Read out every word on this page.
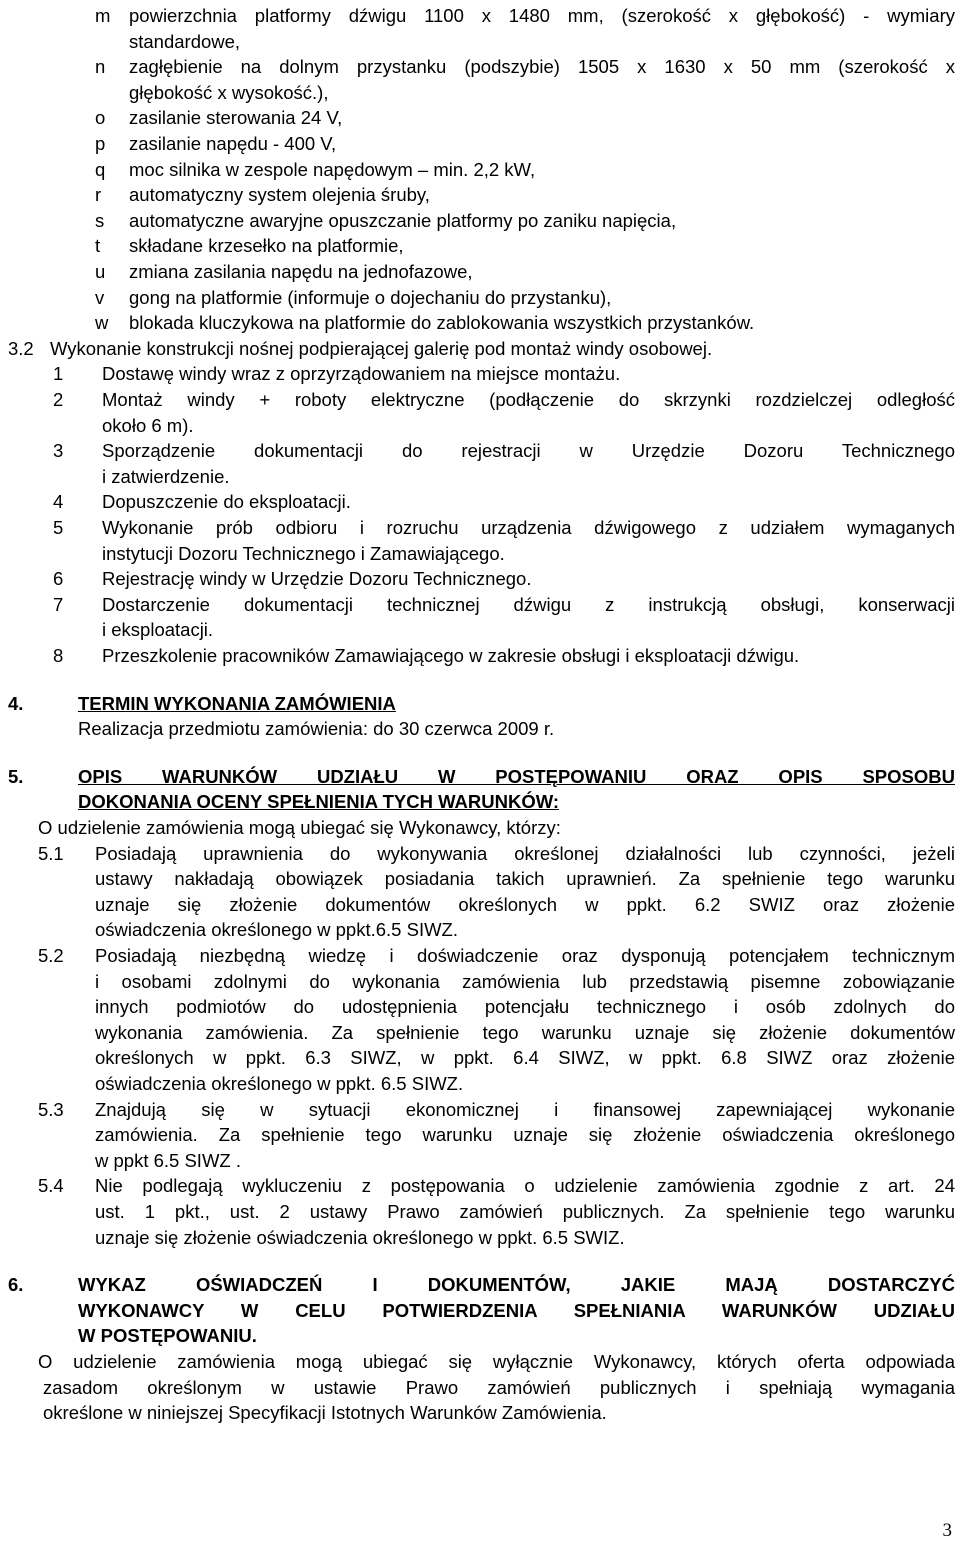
m powierzchnia platformy dźwigu 1100 x 1480 mm, (szerokość x głębokość) - wymiary
standardowe,
n zagłębienie na dolnym przystanku (podszybie) 1505 x 1630 x 50 mm (szerokość x
głębokość x wysokość.),
o zasilanie sterowania 24 V,
p zasilanie napędu - 400 V,
q moc silnika w zespole napędowym – min. 2,2 kW,
r automatyczny system olejenia śruby,
s automatyczne awaryjne opuszczanie platformy po zaniku napięcia,
t składane krzesełko na platformie,
u zmiana zasilania napędu na jednofazowe,
v gong na platformie (informuje o dojechaniu do przystanku),
w blokada kluczykowa na platformie do zablokowania wszystkich przystanków.
3.2 Wykonanie konstrukcji nośnej podpierającej galerię pod montaż windy osobowej.
1 Dostawę windy wraz z oprzyrządowaniem na miejsce montażu.
2 Montaż windy + roboty elektryczne (podłączenie do skrzynki rozdzielczej odległość
około 6 m).
3 Sporządzenie dokumentacji do rejestracji w Urzędzie Dozoru Technicznego
i zatwierdzenie.
4 Dopuszczenie do eksploatacji.
5 Wykonanie prób odbioru i rozruchu urządzenia dźwigowego z udziałem wymaganych
instytucji Dozoru Technicznego i Zamawiającego.
6 Rejestrację windy w Urzędzie Dozoru Technicznego.
7 Dostarczenie dokumentacji technicznej dźwigu z instrukcją obsługi, konserwacji
i eksploatacji.
8 Przeszkolenie pracowników Zamawiającego w zakresie obsługi i eksploatacji dźwigu.
4.	TERMIN WYKONANIA ZAMÓWIENIA
Realizacja przedmiotu zamówienia: do 30 czerwca 2009 r.
5.	OPIS WARUNKÓW UDZIAŁU W POSTĘPOWANIU ORAZ OPIS SPOSOBU
DOKONANIA OCENY SPEŁNIENIA TYCH WARUNKÓW:
O udzielenie zamówienia mogą ubiegać się Wykonawcy, którzy:
5.1 Posiadają uprawnienia do wykonywania określonej działalności lub czynności, jeżeli
ustawy nakładają obowiązek posiadania takich uprawnień. Za spełnienie tego warunku
uznaje się złożenie dokumentów określonych w ppkt. 6.2 SWIZ oraz złożenie
oświadczenia określonego w ppkt.6.5 SIWZ.
5.2 Posiadają niezbędną wiedzę i doświadczenie oraz dysponują potencjałem technicznym
i osobami zdolnymi do wykonania zamówienia lub przedstawią pisemne zobowiązanie
innych podmiotów do udostępnienia potencjału technicznego i osób zdolnych do
wykonania zamówienia. Za spełnienie tego warunku uznaje się złożenie dokumentów
określonych w ppkt. 6.3 SIWZ, w ppkt. 6.4 SIWZ, w ppkt. 6.8 SIWZ oraz złożenie
oświadczenia określonego w ppkt. 6.5 SIWZ.
5.3 Znajdują się w sytuacji ekonomicznej i finansowej zapewniającej wykonanie
zamówienia. Za spełnienie tego warunku uznaje się złożenie oświadczenia określonego
w ppkt 6.5 SIWZ .
5.4 Nie podlegają wykluczeniu z postępowania o udzielenie zamówienia zgodnie z art. 24
ust. 1 pkt., ust. 2 ustawy Prawo zamówień publicznych. Za spełnienie tego warunku
uznaje się złożenie oświadczenia określonego w ppkt. 6.5 SWIZ.
6.	WYKAZ OŚWIADCZEŃ I DOKUMENTÓW, JAKIE MAJĄ DOSTARCZYĆ
WYKONAWCY W CELU POTWIERDZENIA SPEŁNIANIA WARUNKÓW UDZIAŁU
W POSTĘPOWANIU.
O udzielenie zamówienia mogą ubiegać się wyłącznie Wykonawcy, których oferta odpowiada
zasadom określonym w ustawie Prawo zamówień publicznych i spełniają wymagania
określone w niniejszej Specyfikacji Istotnych Warunków Zamówienia.
3
